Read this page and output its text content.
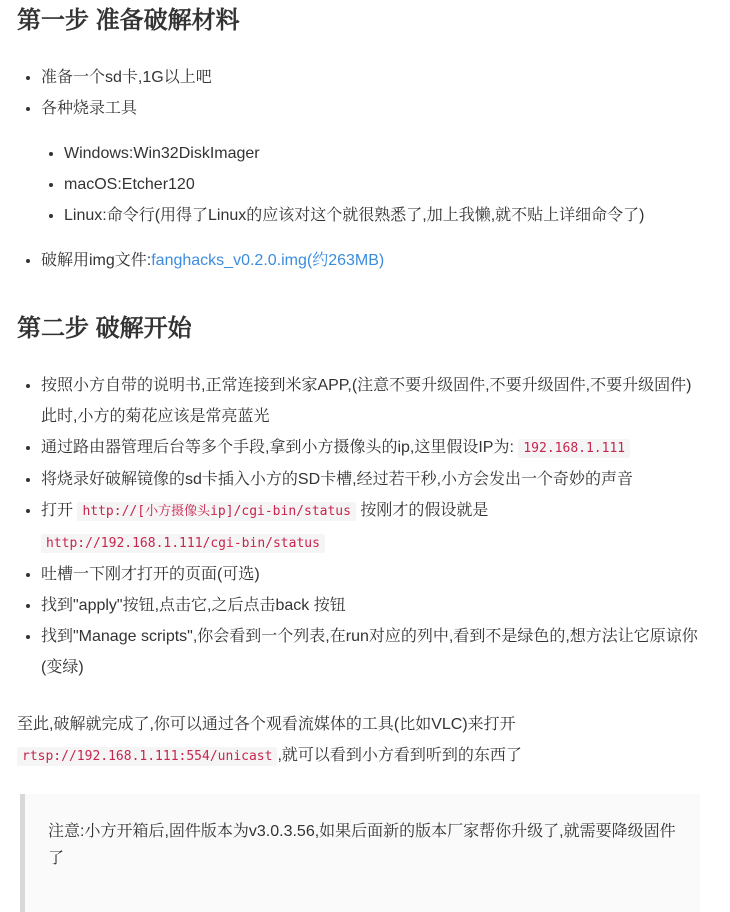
第一步 准备破解材料
• 准备一个sd卡,1G以上吧
• 各种烧录工具
• Windows:Win32DiskImager
• macOS:Etcher120
• Linux:命令行(用得了Linux的应该对这个就很熟悉了,加上我懒,就不贴上详细命令了)
• 破解用img文件:fanghacks_v0.2.0.img(约263MB)
第二步 破解开始
• 按照小方自带的说明书,正常连接到米家APP,(注意不要升级固件,不要升级固件,不要升级固件)此时,小方的菊花应该是常亮蓝光
• 通过路由器管理后台等多个手段,拿到小方摄像头的ip,这里假设IP为: 192.168.1.111
• 将烧录好破解镜像的sd卡插入小方的SD卡槽,经过若干秒,小方会发出一个奇妙的声音
• 打开 http://[小方摄像头ip]/cgi-bin/status 按刚才的假设就是 http://192.168.1.111/cgi-bin/status
• 吐槽一下刚才打开的页面(可选)
• 找到"apply"按钮,点击它,之后点击back 按钮
• 找到"Manage scripts",你会看到一个列表,在run对应的列中,看到不是绿色的,想方法让它原谅你(变绿)

至此,破解就完成了,你可以通过各个观看流媒体的工具(比如VLC)来打开 rtsp://192.168.1.111:554/unicast ,就可以看到小方看到听到的东西了

注意:小方开箱后,固件版本为v3.0.3.56,如果后面新的版本厂家帮你升级了,就需要降级固件了
